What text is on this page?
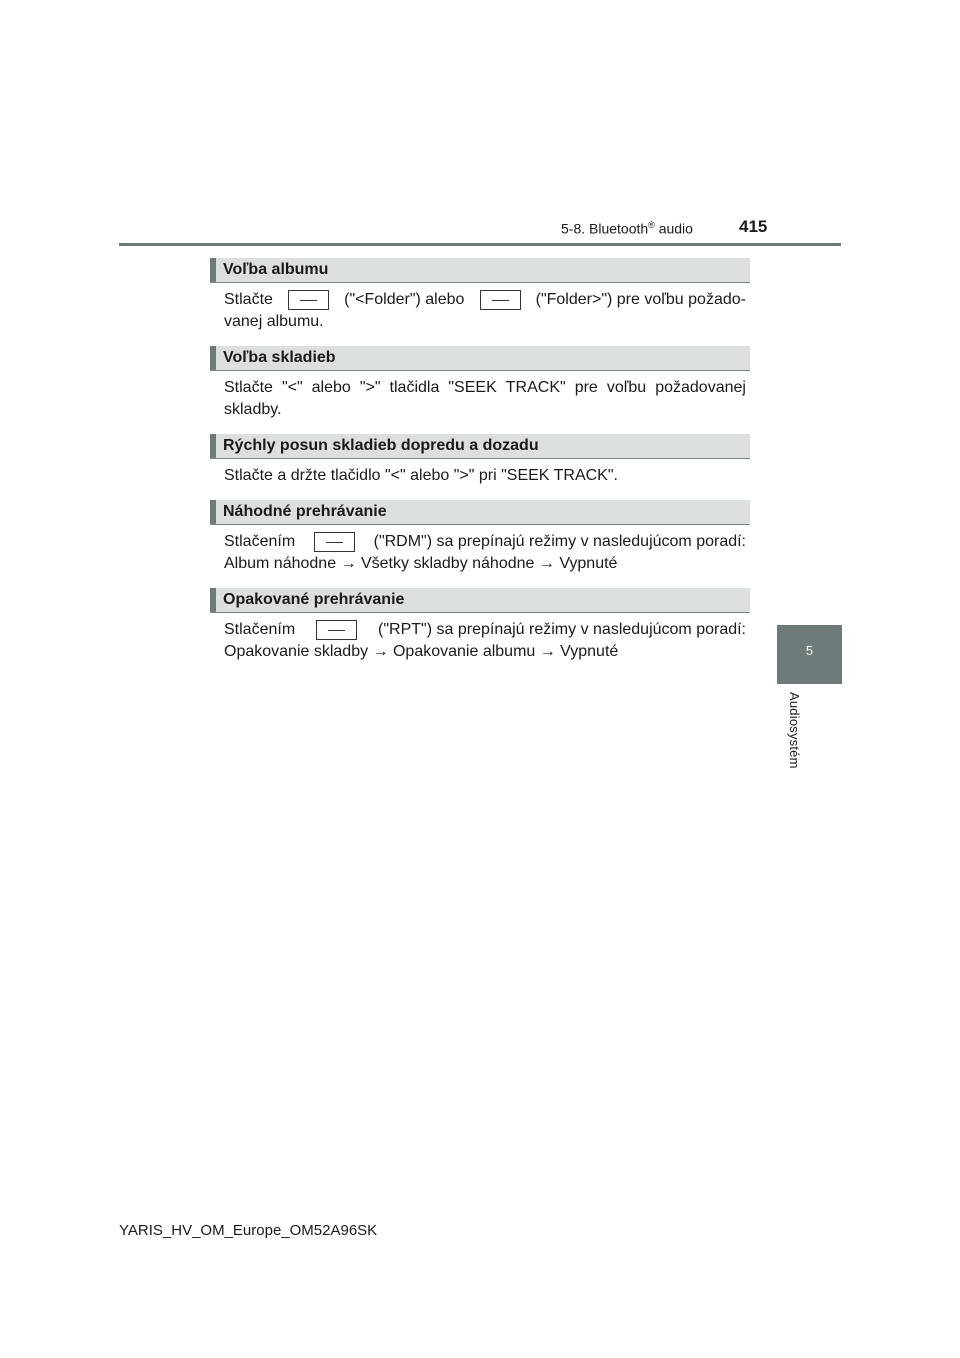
5-8. Bluetooth® audio	415
5
Audiosystém
Voľba albumu
Stlačte	("<Folder") alebo	("Folder>") pre voľbu požado-
vanej albumu.
Voľba skladieb
Stlačte "<" alebo ">" tlačidla "SEEK TRACK" pre voľbu požadovanej
skladby.
Rýchly posun skladieb dopredu a dozadu
Stlačte a držte tlačidlo "<" alebo ">" pri "SEEK TRACK".
Náhodné prehrávanie
Stlačením	("RDM") sa prepínajú režimy v nasledujúcom poradí:
Album náhodne → Všetky skladby náhodne → Vypnuté
Opakované prehrávanie
Stlačením	("RPT") sa prepínajú režimy v nasledujúcom poradí:
Opakovanie skladby → Opakovanie albumu → Vypnuté
YARIS_HV_OM_Europe_OM52A96SK
